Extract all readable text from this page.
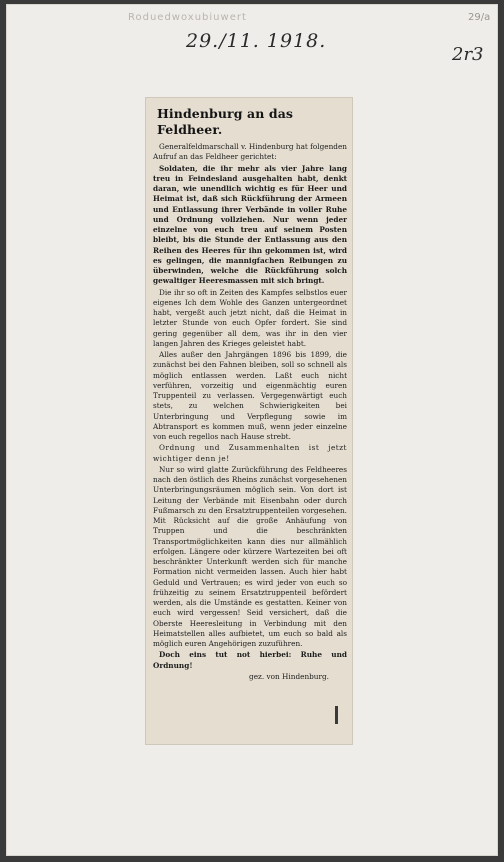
Roduedwoxubiuwert	29/a
29./11. 1918.
2r3
Hindenburg an das Feldheer.

Generalfeldmarschall v. Hindenburg hat folgenden Aufruf an das Feldheer gerichtet:

Soldaten, die ihr mehr als vier Jahre lang treu in Feindesland ausgehalten habt, denkt daran, wie unendlich wichtig es für Heer und Heimat ist, daß sich Rückführung der Armeen und Entlassung ihrer Verbände in voller Ruhe und Ordnung vollziehen. Nur wenn jeder einzelne von euch treu auf seinem Posten bleibt, bis die Stunde der Entlassung aus den Reihen des Heeres für ihn gekommen ist, wird es gelingen, die mannigfachen Reibungen zu überwinden, welche die Rückführung solch gewaltiger Heeresmassen mit sich bringt.

Die ihr so oft in Zeiten des Kampfes selbstlos euer eigenes Ich dem Wohle des Ganzen untergeordnet habt, vergeßt auch jetzt nicht, daß die Heimat in letzter Stunde von euch Opfer fordert. Sie sind gering gegenüber all dem, was ihr in den vier langen Jahren des Krieges geleistet habt.

Alles außer den Jahrgängen 1896 bis 1899, die zunächst bei den Fahnen bleiben, soll so schnell als möglich entlassen werden. Laßt euch nicht verführen, vorzeitig und eigenmächtig euren Truppenteil zu verlassen. Vergegenwärtigt euch stets, zu welchen Schwierigkeiten bei Unterbringung und Verpflegung sowie im Abtransport es kommen muß, wenn jeder einzelne von euch regellos nach Hause strebt.

Ordnung und Zusammenhalten ist jetzt wichtiger denn je!

Nur so wird glatte Zurückführung des Feldheeres nach den östlich des Rheins zunächst vorgesehenen Unterbringungsräumen möglich sein. Von dort ist Leitung der Verbände mit Eisenbahn oder durch Fußmarsch zu den Ersatztruppenteilen vorgesehen. Mit Rücksicht auf die große Anhäufung von Truppen und die beschränkten Transportmöglichkeiten kann dies nur allmählich erfolgen. Längere oder kürzere Wartezeiten bei oft beschränkter Unterkunft werden sich für manche Formation nicht vermeiden lassen. Auch hier habt Geduld und Vertrauen; es wird jeder von euch so frühzeitig zu seinem Ersatztruppenteil befördert werden, als die Umstände es gestatten. Keiner von euch wird vergessen! Seid versichert, daß die Oberste Heeresleitung in Verbindung mit den Heimatstellen alles aufbietet, um euch so bald als möglich euren Angehörigen zuzuführen.

Doch eins tut not hierbei: Ruhe und Ordnung!

gez. von Hindenburg.
